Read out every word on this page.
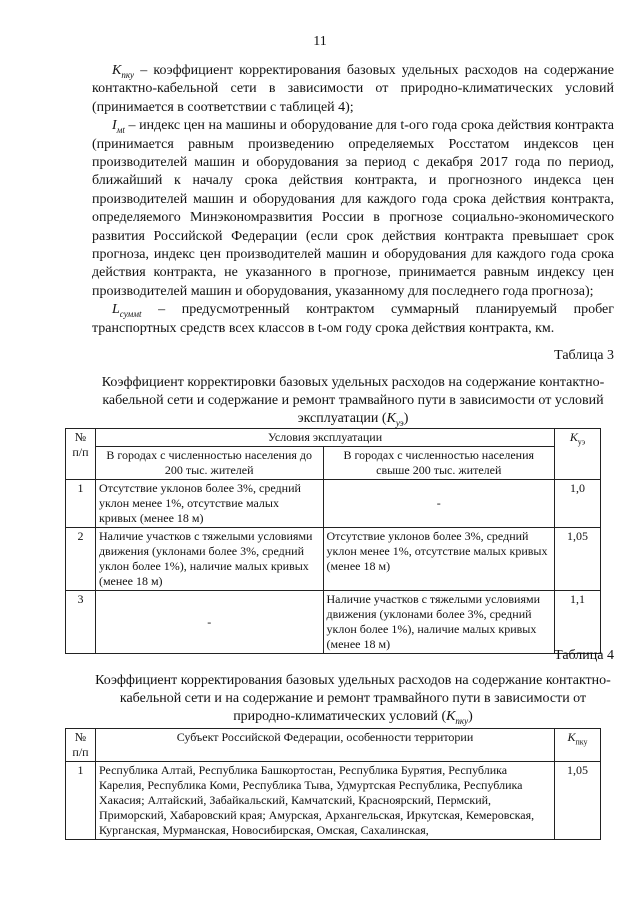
11

$K_{пку}$ – коэффициент корректирования базовых удельных расходов на содержание контактно-кабельной сети в зависимости от природно-климатических условий (принимается в соответствии с таблицей 4);

$I_{мt}$ – индекс цен на машины и оборудование для t-ого года срока действия контракта (принимается равным произведению определяемых Росстатом индексов цен производителей машин и оборудования за период с декабря 2017 года по период, ближайший к началу срока действия контракта, и прогнозного индекса цен производителей машин и оборудования для каждого года срока действия контракта, определяемого Минэкономразвития России в прогнозе социально-экономического развития Российской Федерации (если срок действия контракта превышает срок прогноза, индекс цен производителей машин и оборудования для каждого года срока действия контракта, не указанного в прогнозе, принимается равным индексу цен производителей машин и оборудования, указанному для последнего года прогноза);

$L_{суммt}$ – предусмотренный контрактом суммарный планируемый пробег транспортных средств всех классов в t-ом году срока действия контракта, км.

Таблица 3
Коэффициент корректировки базовых удельных расходов на содержание контактно-кабельной сети и содержание и ремонт трамвайного пути в зависимости от условий эксплуатации $(К_{уэ})$
№ п/п	Условия эксплуатации		$К_{уэ}$
	В городах с численностью населения до 200 тыс. жителей	В городах с численностью населения свыше 200 тыс. жителей	
1	Отсутствие уклонов более 3%, средний уклон менее 1%, отсутствие малых кривых (менее 18 м)	-	1,0
2	Наличие участков с тяжелыми условиями движения (уклонами более 3%, средний уклон более 1%), наличие малых кривых (менее 18 м)	Отсутствие уклонов более 3%, средний уклон менее 1%, отсутствие малых кривых (менее 18 м)	1,05
3	-	Наличие участков с тяжелыми условиями движения (уклонами более 3%, средний уклон более 1%), наличие малых кривых (менее 18 м)	1,1
Таблица 4
Коэффициент корректирования базовых удельных расходов на содержание контактно-кабельной сети и на содержание и ремонт трамвайного пути в зависимости от природно-климатических условий $(К_{пку})$
№ п/п	Субъект Российской Федерации, особенности территории	$К_{пку}$
1	Республика Алтай, Республика Башкортостан, Республика Бурятия, Республика Карелия, Республика Коми, Республика Тыва, Удмуртская Республика, Республика Хакасия; Алтайский, Забайкальский, Камчатский, Красноярский, Пермский, Приморский, Хабаровский края; Амурская, Архангельская, Иркутская, Кемеровская, Курганская, Мурманская, Новосибирская, Омская, Сахалинская,	1,05
